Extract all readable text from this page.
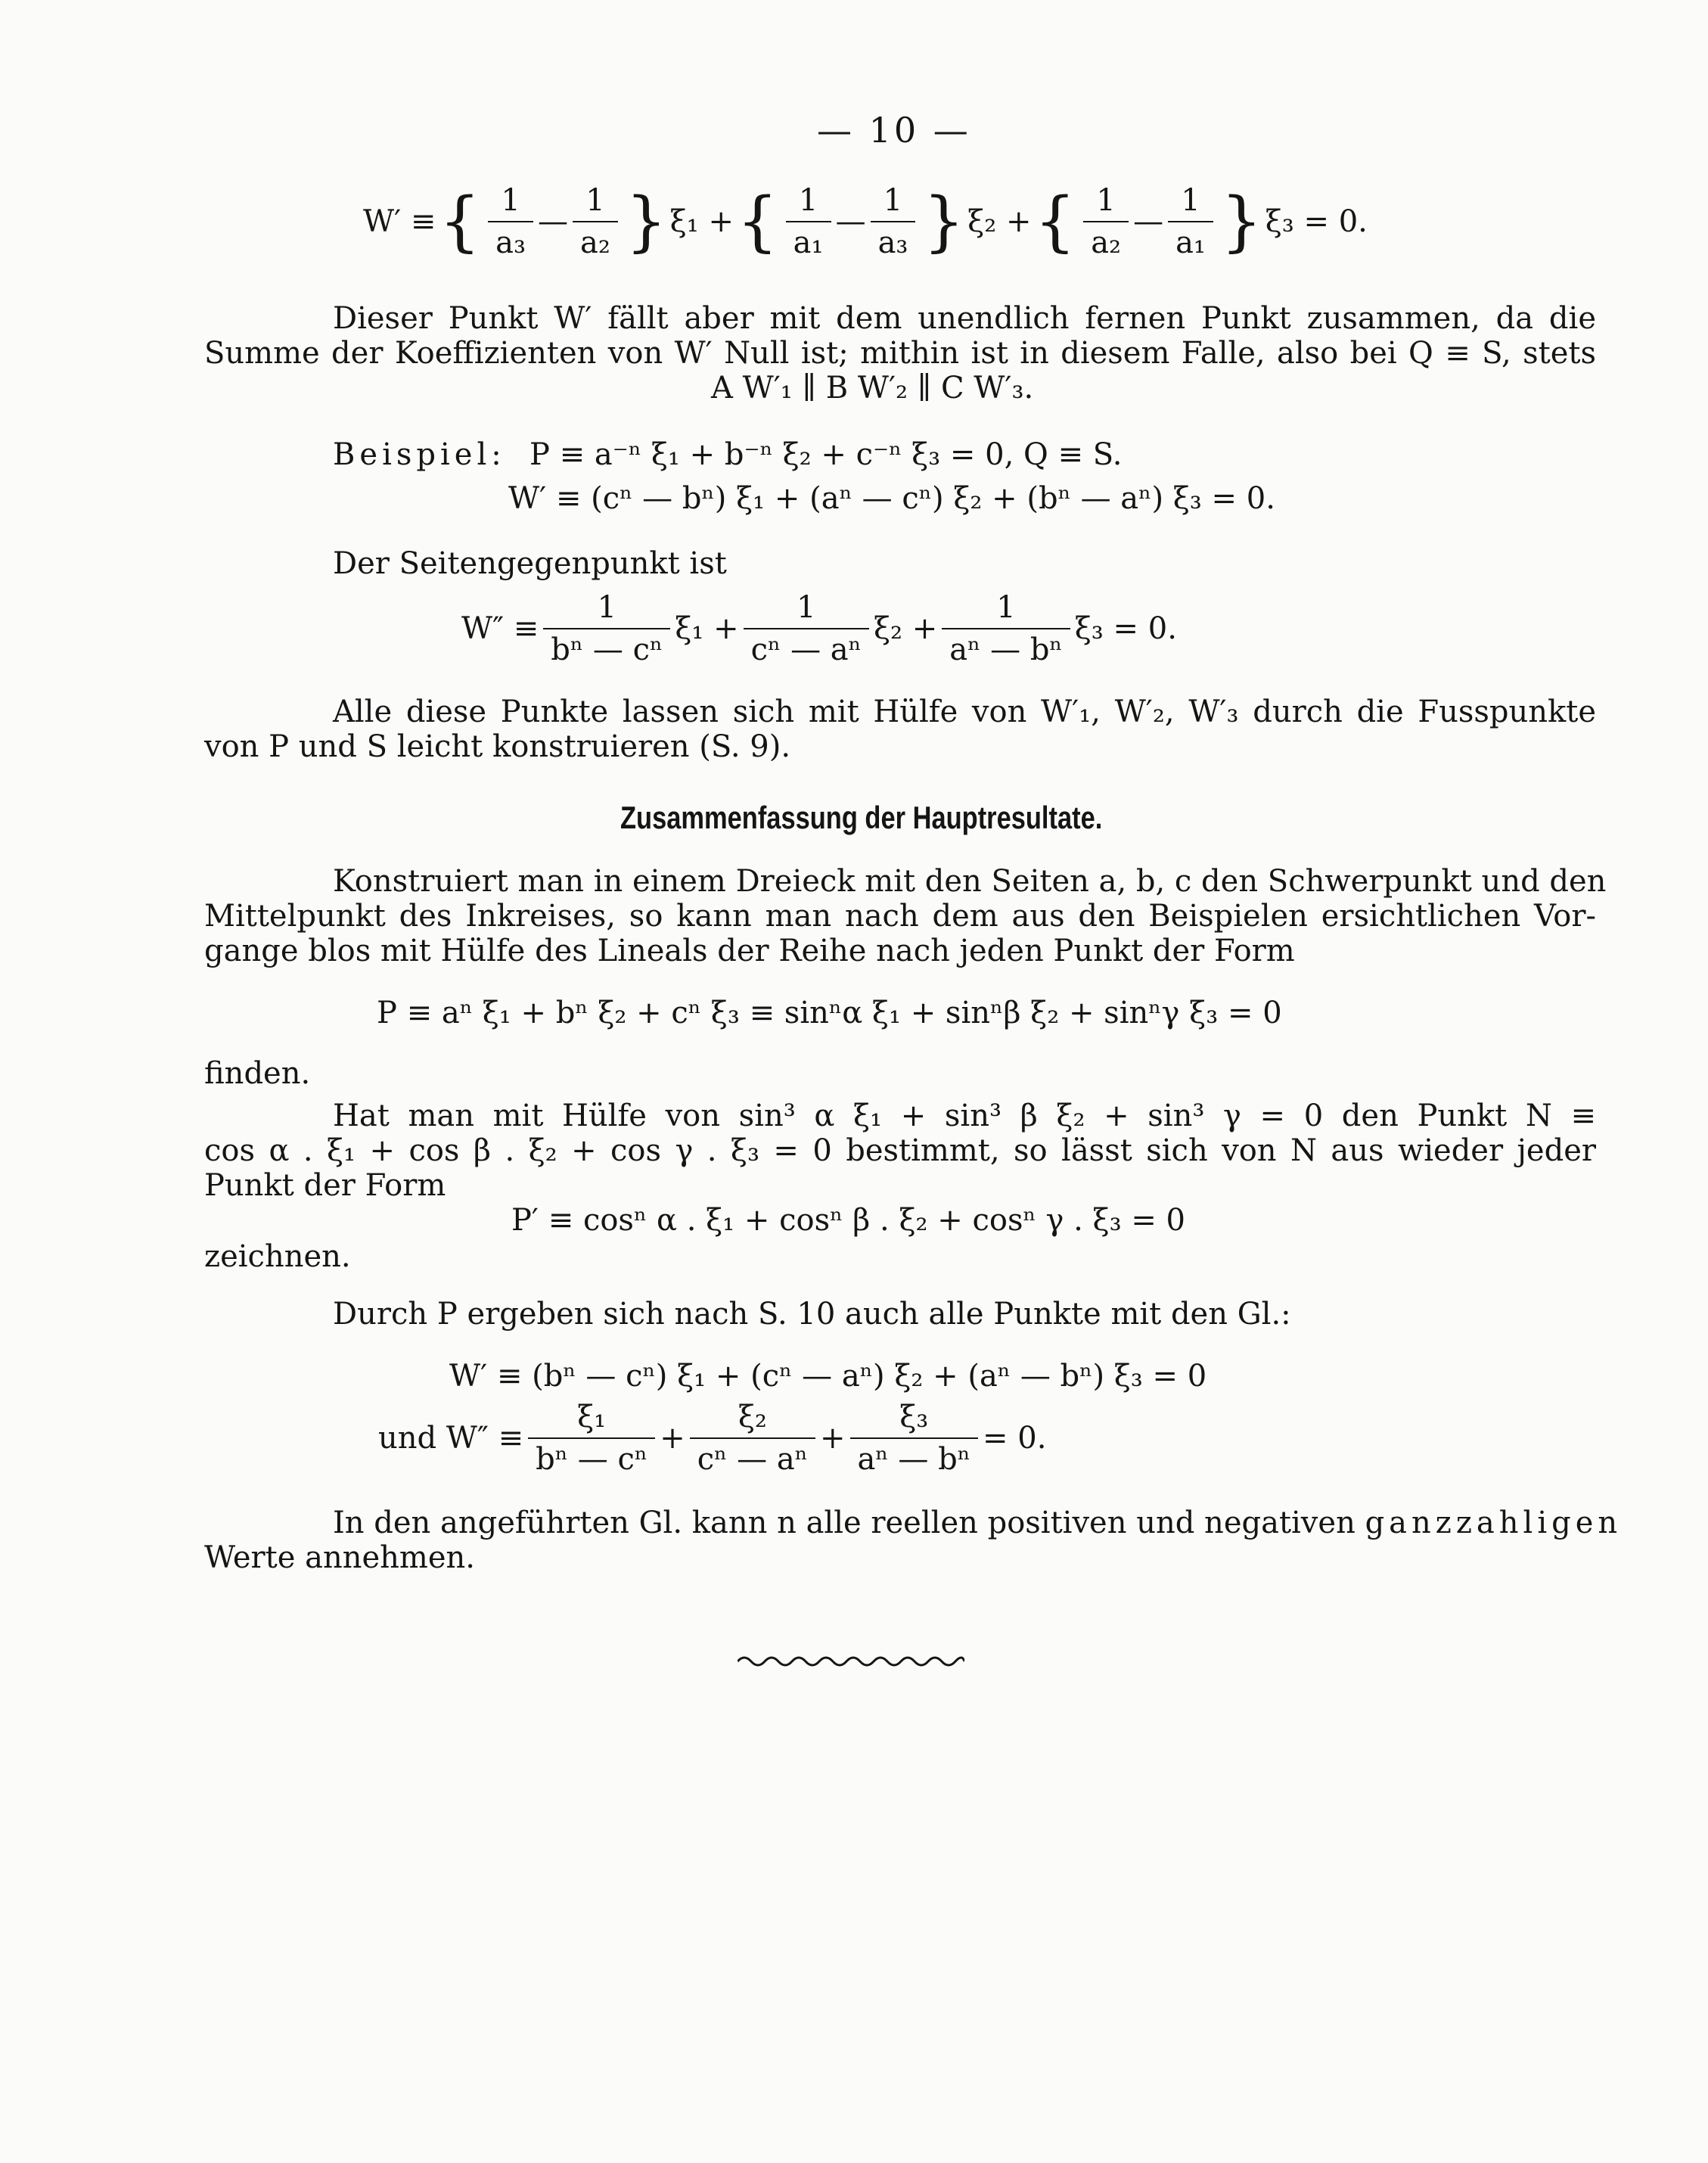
— 10 —
W′ ≡ { $\frac{1}{\text{a₃}}$ — $\frac{1}{\text{a₂}}$ } ξ₁ + { $\frac{1}{\text{a₁}}$ — $\frac{1}{\text{a₃}}$ } ξ₂ + { $\frac{1}{\text{a₂}}$ — $\frac{1}{\text{a₁}}$ } ξ₃ = 0.
Dieser Punkt W′ fällt aber mit dem unendlich fernen Punkt zusammen, da die
Summe der Koeffizienten von W′ Null ist; mithin ist in diesem Falle, also bei Q ≡ S, stets
A W′₁ ∥ B W′₂ ∥ C W′₃.
Beispiel: P ≡ a⁻ⁿ ξ₁ + b⁻ⁿ ξ₂ + c⁻ⁿ ξ₃ = 0, Q ≡ S.
W′ ≡ (cⁿ — bⁿ) ξ₁ + (aⁿ — cⁿ) ξ₂ + (bⁿ — aⁿ) ξ₃ = 0.
Der Seitengegenpunkt ist
$W'' \equiv \frac{1}{\text{bⁿ — cⁿ}} \xi_1 + \frac{1}{\text{cⁿ — aⁿ}} \xi_2 + \frac{1}{\text{aⁿ — bⁿ}} \xi_3 = 0$.
Alle diese Punkte lassen sich mit Hülfe von W′₁, W′₂, W′₃ durch die Fusspunkte
von P und S leicht konstruieren (S. 9).
Zusammenfassung der Hauptresultate.
Konstruiert man in einem Dreieck mit den Seiten a, b, c den Schwerpunkt und den
Mittelpunkt des Inkreises, so kann man nach dem aus den Beispielen ersichtlichen Vor-
gange blos mit Hülfe des Lineals der Reihe nach jeden Punkt der Form
P ≡ aⁿ ξ₁ + bⁿ ξ₂ + cⁿ ξ₃ ≡ sinⁿα ξ₁ + sinⁿβ ξ₂ + sinⁿγ ξ₃ = 0
finden.
Hat man mit Hülfe von sin³ α ξ₁ + sin³ β ξ₂ + sin³ γ = 0 den Punkt N ≡
cos α . ξ₁ + cos β . ξ₂ + cos γ . ξ₃ = 0 bestimmt, so lässt sich von N aus wieder jeder
Punkt der Form
P′ ≡ cosⁿ α . ξ₁ + cosⁿ β . ξ₂ + cosⁿ γ . ξ₃ = 0
zeichnen.
Durch P ergeben sich nach S. 10 auch alle Punkte mit den Gl.:
W′ ≡ (bⁿ — cⁿ) ξ₁ + (cⁿ — aⁿ) ξ₂ + (aⁿ — bⁿ) ξ₃ = 0
und $W'' \equiv \frac{\text{ξ₁}}{\text{bⁿ — cⁿ}} + \frac{\text{ξ₂}}{\text{cⁿ — aⁿ}} + \frac{\text{ξ₃}}{\text{aⁿ — bⁿ}} = 0$.
In den angeführten Gl. kann n alle reellen positiven und negativen ganzzahligen
Werte annehmen.
